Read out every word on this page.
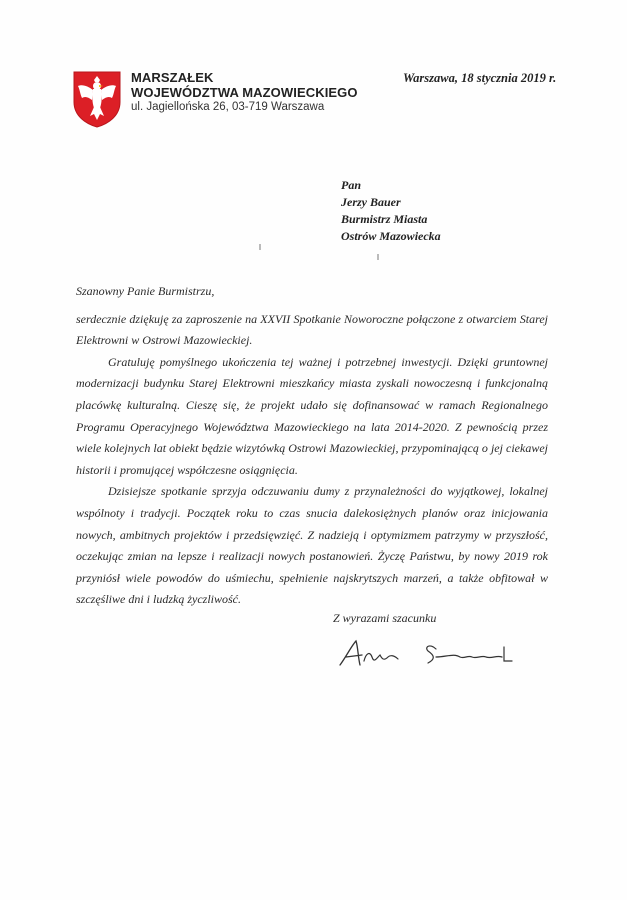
MARSZAŁEK
WOJEWÓDZTWA MAZOWIECKIEGO
ul. Jagiellońska 26, 03-719 Warszawa
Warszawa, 18 stycznia 2019 r.
Pan
Jerzy Bauer
Burmistrz Miasta
Ostrów Mazowiecka

Szanowny Panie Burmistrzu,

serdecznie dziękuję za zaproszenie na XXVII Spotkanie Noworoczne połączone z otwarciem Starej Elektrowni w Ostrowi Mazowieckiej.

Gratuluję pomyślnego ukończenia tej ważnej i potrzebnej inwestycji. Dzięki gruntownej modernizacji budynku Starej Elektrowni mieszkańcy miasta zyskali nowoczesną i funkcjonalną placówkę kulturalną. Cieszę się, że projekt udało się dofinansować w ramach Regionalnego Programu Operacyjnego Województwa Mazowieckiego na lata 2014-2020. Z pewnością przez wiele kolejnych lat obiekt będzie wizytówką Ostrowi Mazowieckiej, przypominającą o jej ciekawej historii i promującej współczesne osiągnięcia.

Dzisiejsze spotkanie sprzyja odczuwaniu dumy z przynależności do wyjątkowej, lokalnej wspólnoty i tradycji. Początek roku to czas snucia dalekosiężnych planów oraz inicjowania nowych, ambitnych projektów i przedsięwzięć. Z nadzieją i optymizmem patrzymy w przyszłość, oczekując zmian na lepsze i realizacji nowych postanowień. Życzę Państwu, by nowy 2019 rok przyniósł wiele powodów do uśmiechu, spełnienie najskrytszych marzeń, a także obfitował w szczęśliwe dni i ludzką życzliwość.

Z wyrazami szacunku
